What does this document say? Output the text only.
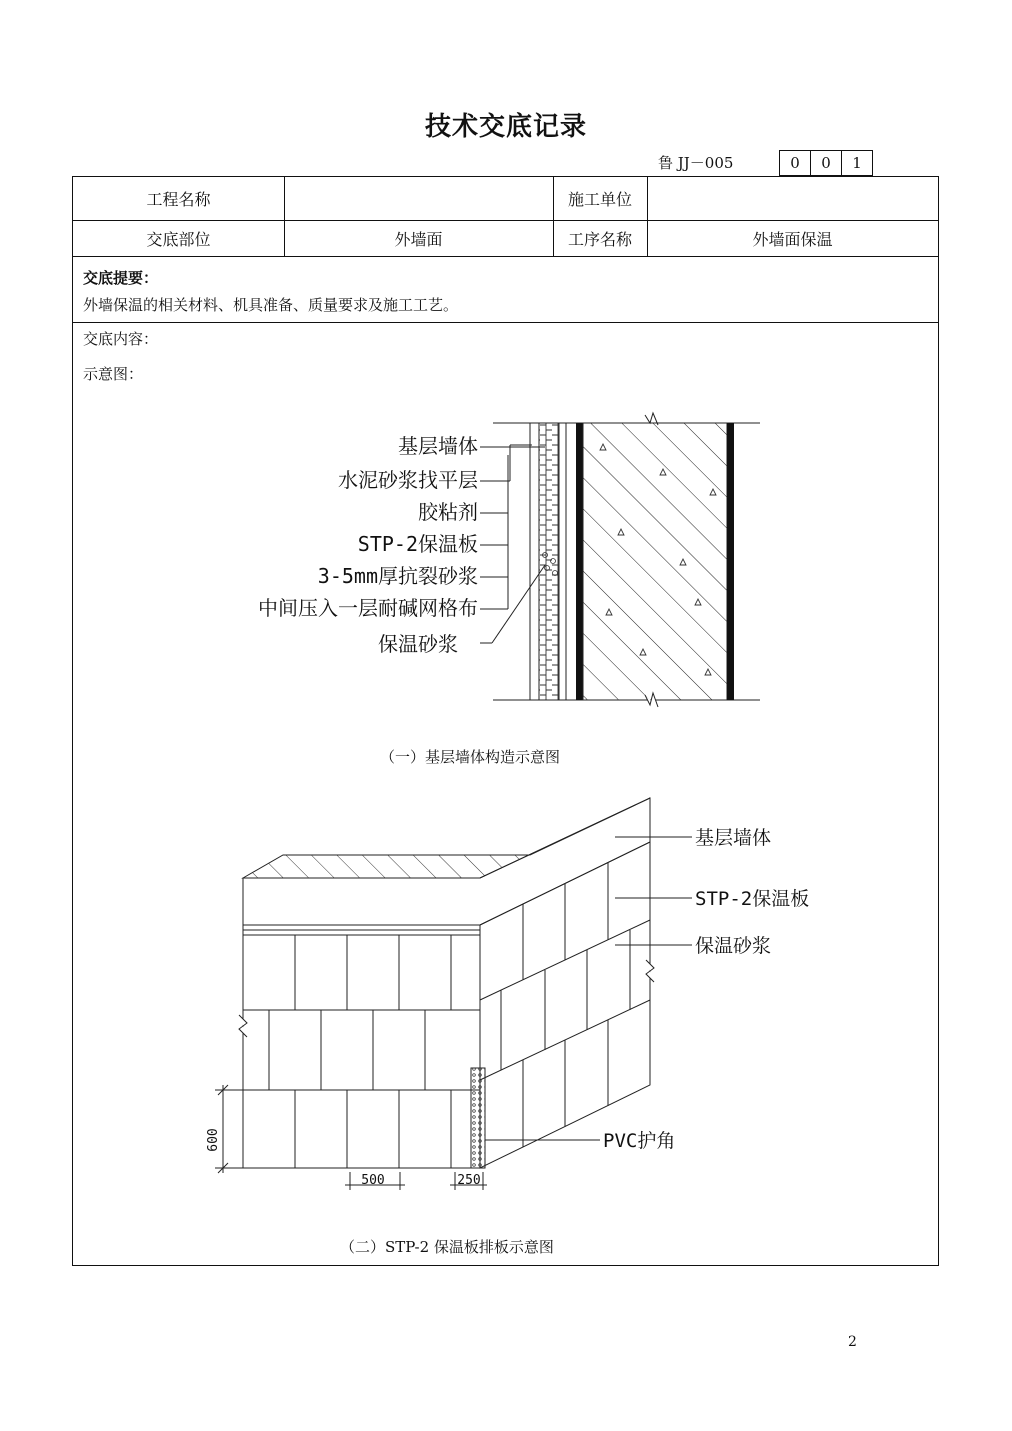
技术交底记录
鲁 JJ－005	0	0	1
工程名称	施工单位
交底部位	外墙面	工序名称	外墙面保温
交底提要：
外墙保温的相关材料、机具准备、质量要求及施工工艺。
交底内容：
示意图：
基层墙体
水泥砂浆找平层
胶粘剂
STP-2保温板
3-5mm厚抗裂砂浆
中间压入一层耐碱网格布
保温砂浆
（一）基层墙体构造示意图
600
500	250
基层墙体
STP-2保温板
保温砂浆
PVC护角
（二）STP-2 保温板排板示意图
2
